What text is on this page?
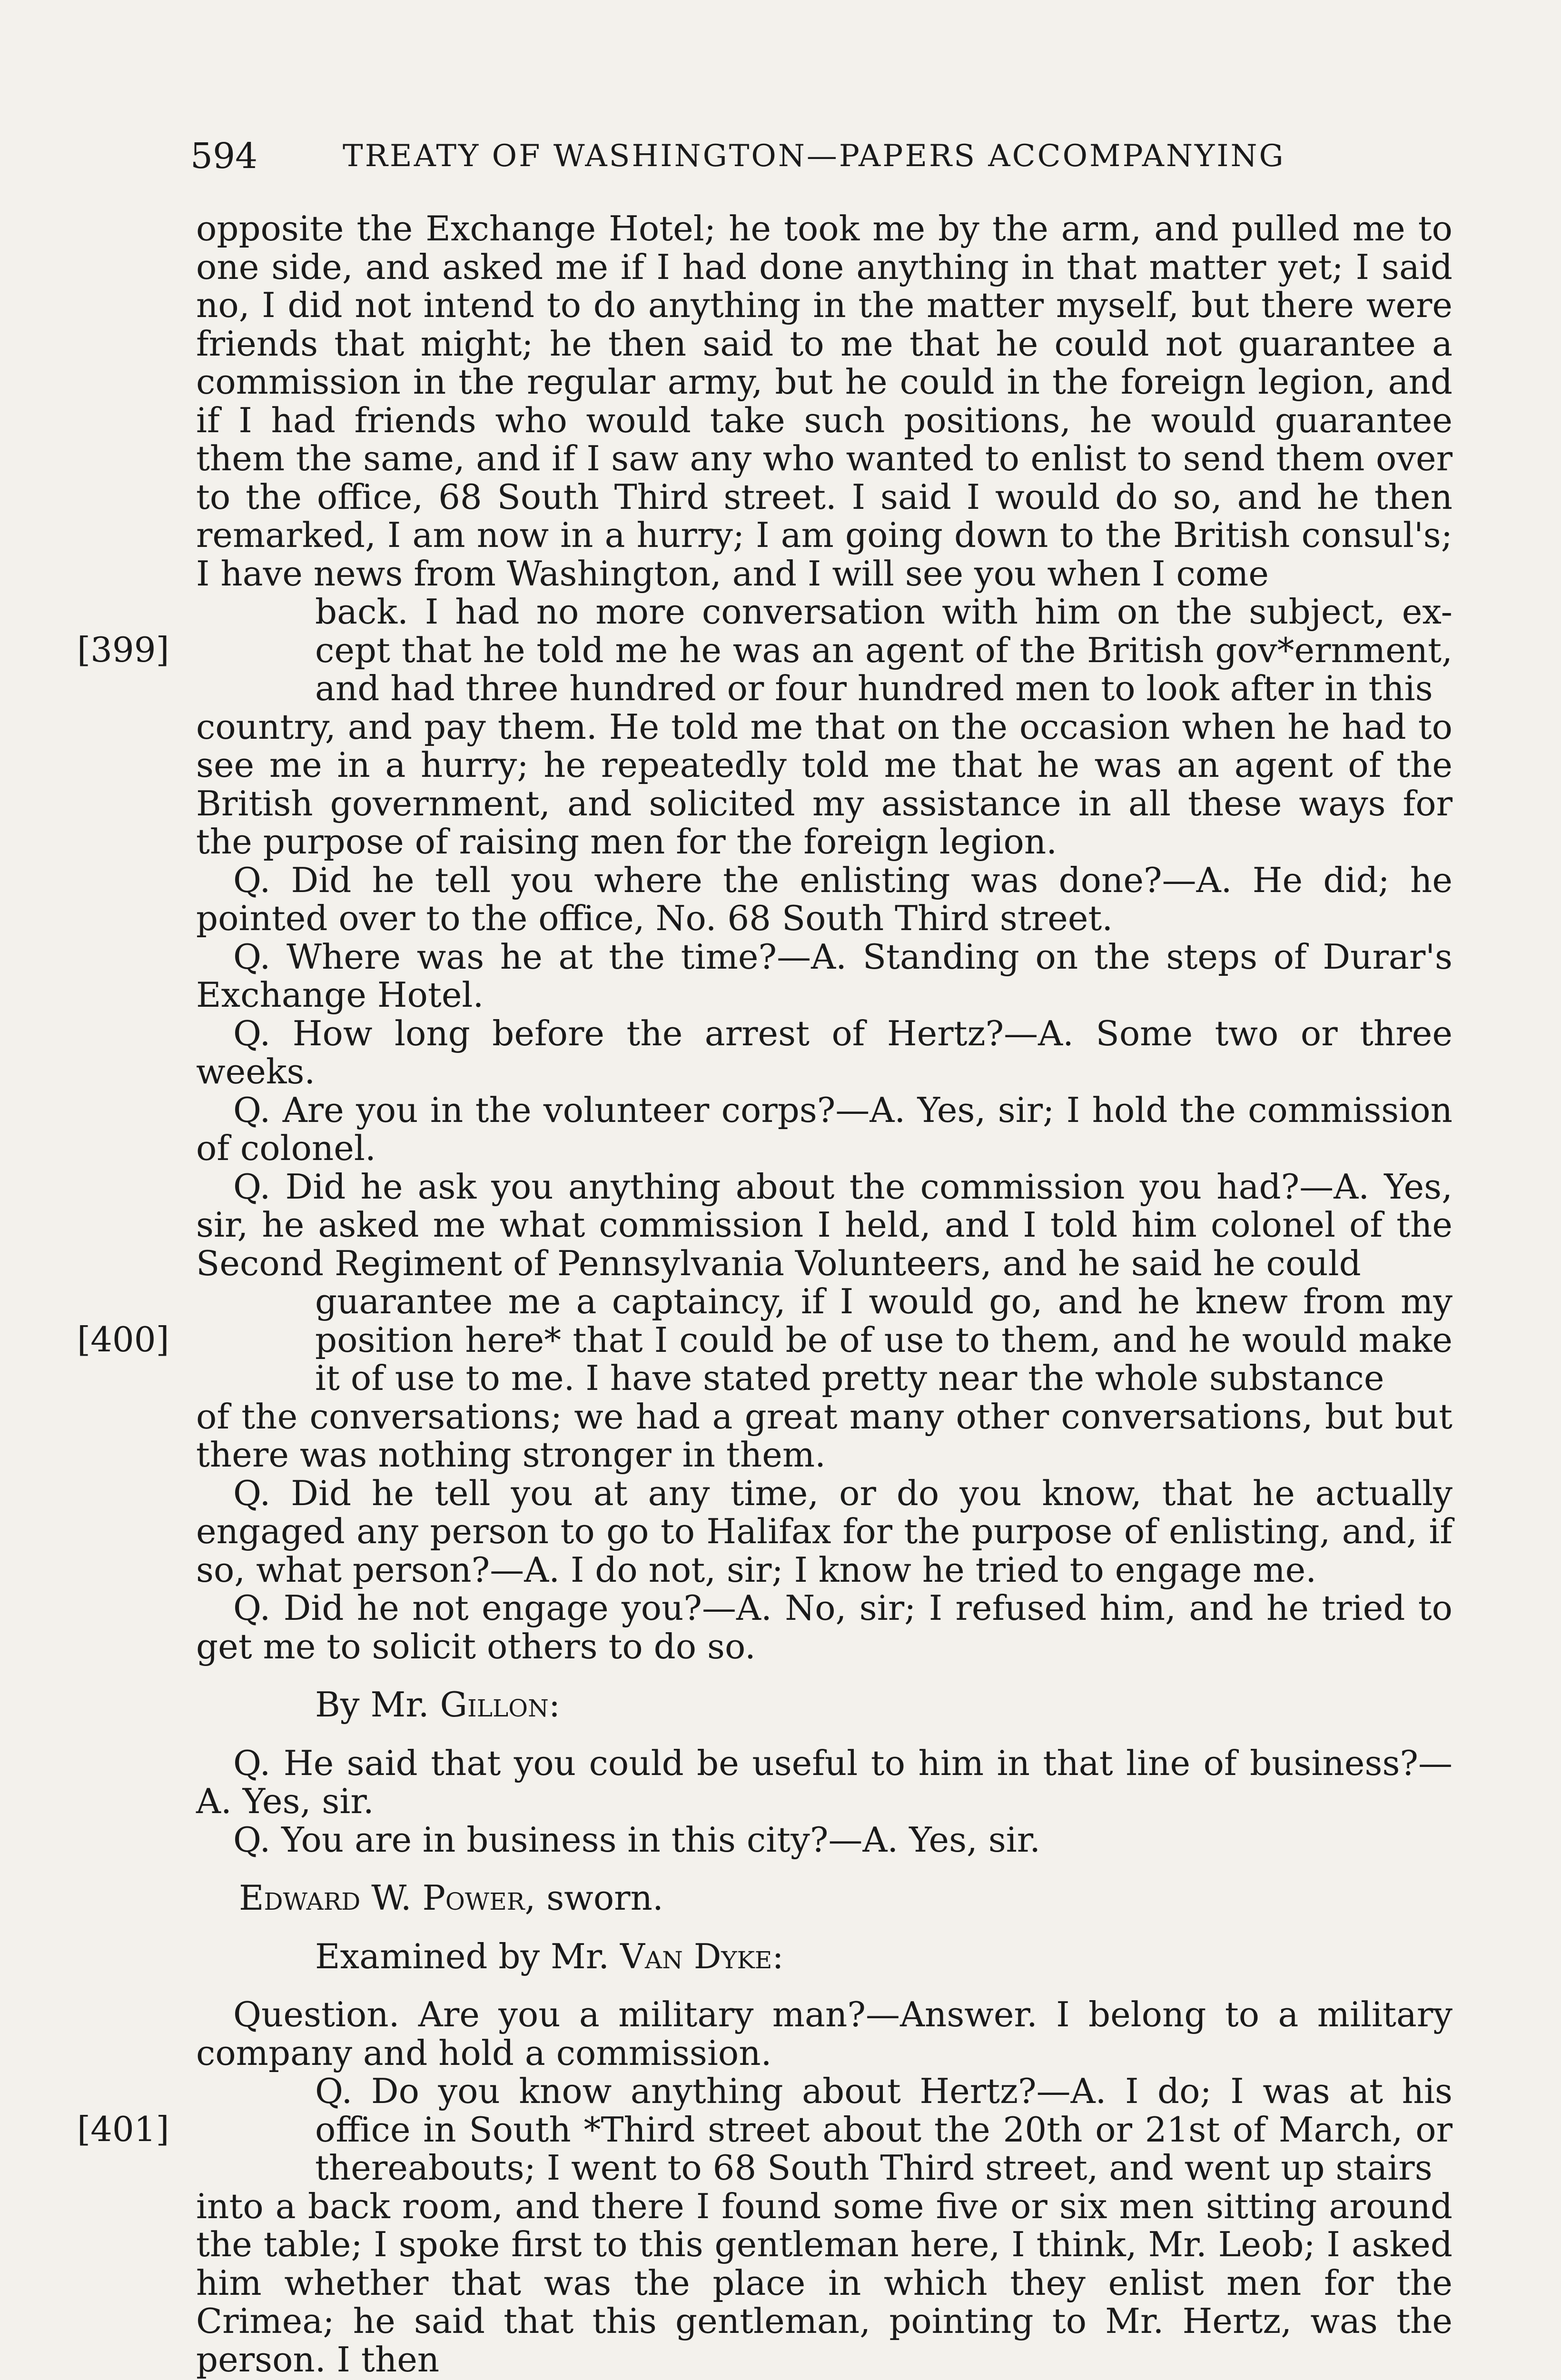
594	TREATY OF WASHINGTON—PAPERS ACCOMPANYING

opposite the Exchange Hotel; he took me by the arm, and pulled me to one side, and asked me if I had done anything in that matter yet; I said no, I did not intend to do anything in the matter myself, but there were friends that might; he then said to me that he could not guarantee a commission in the regular army, but he could in the foreign legion, and if I had friends who would take such positions, he would guarantee them the same, and if I saw any who wanted to enlist to send them over to the office, 68 South Third street. I said I would do so, and he then remarked, I am now in a hurry; I am going down to the British consul's; I have news from Washington, and I will see you when I come

[399]

back. I had no more conversation with him on the subject, ex-cept that he told me he was an agent of the British gov*ernment, and had three hundred or four hundred men to look after in this

country, and pay them. He told me that on the occasion when he had to see me in a hurry; he repeatedly told me that he was an agent of the British government, and solicited my assistance in all these ways for the purpose of raising men for the foreign legion.

Q. Did he tell you where the enlisting was done?—A. He did; he pointed over to the office, No. 68 South Third street.

Q. Where was he at the time?—A. Standing on the steps of Durar's Exchange Hotel.

Q. How long before the arrest of Hertz?—A. Some two or three weeks.

Q. Are you in the volunteer corps?—A. Yes, sir; I hold the commission of colonel.

Q. Did he ask you anything about the commission you had?—A. Yes, sir, he asked me what commission I held, and I told him colonel of the Second Regiment of Pennsylvania Volunteers, and he said he could

[400]

guarantee me a captaincy, if I would go, and he knew from my position here* that I could be of use to them, and he would make it of use to me. I have stated pretty near the whole substance

of the conversations; we had a great many other conversations, but but there was nothing stronger in them.

Q. Did he tell you at any time, or do you know, that he actually engaged any person to go to Halifax for the purpose of enlisting, and, if so, what person?—A. I do not, sir; I know he tried to engage me.

Q. Did he not engage you?—A. No, sir; I refused him, and he tried to get me to solicit others to do so.

By Mr. Gillon:

Q. He said that you could be useful to him in that line of business?—A. Yes, sir.

Q. You are in business in this city?—A. Yes, sir.

Edward W. Power, sworn.

Examined by Mr. Van Dyke:

Question. Are you a military man?—Answer. I belong to a military company and hold a commission.

[401]

Q. Do you know anything about Hertz?—A. I do; I was at his office in South *Third street about the 20th or 21st of March, or thereabouts; I went to 68 South Third street, and went up stairs

into a back room, and there I found some five or six men sitting around the table; I spoke first to this gentleman here, I think, Mr. Leob; I asked him whether that was the place in which they enlist men for the Crimea; he said that this gentleman, pointing to Mr. Hertz, was the person. I then
